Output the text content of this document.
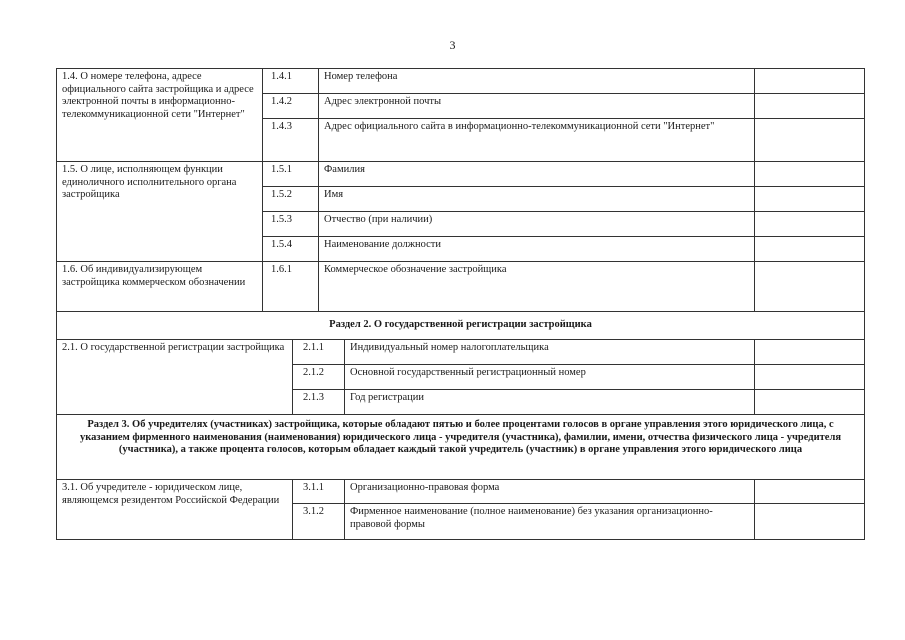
3
1.4. О номере телефона, адресе официального сайта застройщика и адресе электронной почты в информационно-телекоммуникационной сети "Интернет"
1.4.1	Номер телефона
1.4.2	Адрес электронной почты
1.4.3	Адрес официального сайта в информационно-телекоммуникационной сети "Интернет"
1.5. О лице, исполняющем функции единоличного исполнительного органа застройщика
1.5.1	Фамилия
1.5.2	Имя
1.5.3	Отчество (при наличии)
1.5.4	Наименование должности
1.6. Об индивидуализирующем застройщика коммерческом обозначении
1.6.1	Коммерческое обозначение застройщика
Раздел 2. О государственной регистрации застройщика
2.1. О государственной регистрации застройщика	2.1.1	Индивидуальный номер налогоплательщика
2.1.2	Основной государственный регистрационный номер
2.1.3	Год регистрации
Раздел 3. Об учредителях (участниках) застройщика, которые обладают пятью и более процентами голосов в органе управления этого юридического лица, с указанием фирменного наименования (наименования) юридического лица - учредителя (участника), фамилии, имени, отчества физического лица - учредителя (участника), а также процента голосов, которым обладает каждый такой учредитель (участник) в органе управления этого юридического лица
3.1. Об учредителе - юридическом лице, являющемся резидентом Российской Федерации
3.1.1	Организационно-правовая форма
3.1.2	Фирменное наименование (полное наименование) без указания организационно-правовой формы
